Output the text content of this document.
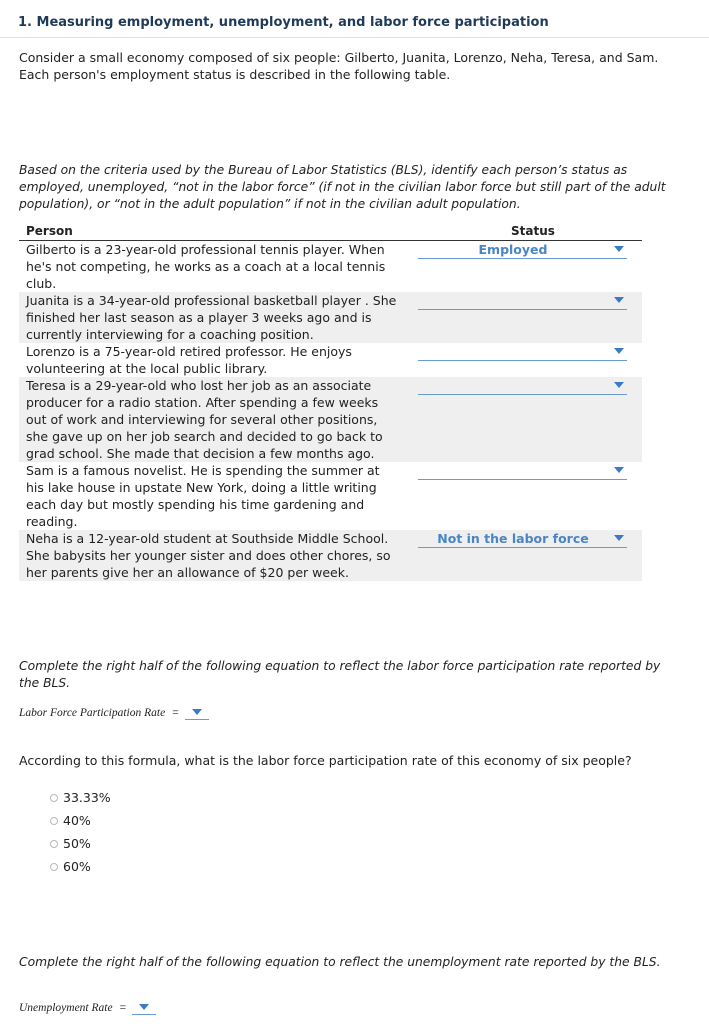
1. Measuring employment, unemployment, and labor force participation

Consider a small economy composed of six people: Gilberto, Juanita, Lorenzo, Neha, Teresa, and Sam. Each person's employment status is described in the following table.

Based on the criteria used by the Bureau of Labor Statistics (BLS), identify each person’s status as employed, unemployed, “not in the labor force” (if not in the civilian labor force but still part of the adult population), or “not in the adult population” if not in the civilian adult population.

Person	Status
Gilberto is a 23-year-old professional tennis player. When he's not competing, he works as a coach at a local tennis club.
Employed
Juanita is a 34-year-old professional basketball player . She finished her last season as a player 3 weeks ago and is currently interviewing for a coaching position.
Lorenzo is a 75-year-old retired professor. He enjoys volunteering at the local public library.
Teresa is a 29-year-old who lost her job as an associate producer for a radio station. After spending a few weeks out of work and interviewing for several other positions, she gave up on her job search and decided to go back to grad school. She made that decision a few months ago.
Sam is a famous novelist. He is spending the summer at his lake house in upstate New York, doing a little writing each day but mostly spending his time gardening and reading.
Neha is a 12-year-old student at Southside Middle School. She babysits her younger sister and does other chores, so her parents give her an allowance of $20 per week.
Not in the labor force

Complete the right half of the following equation to reflect the labor force participation rate reported by the BLS.

Labor Force Participation Rate =

According to this formula, what is the labor force participation rate of this economy of six people?

33.33%
40%
50%
60%

Complete the right half of the following equation to reflect the unemployment rate reported by the BLS.

Unemployment Rate =
